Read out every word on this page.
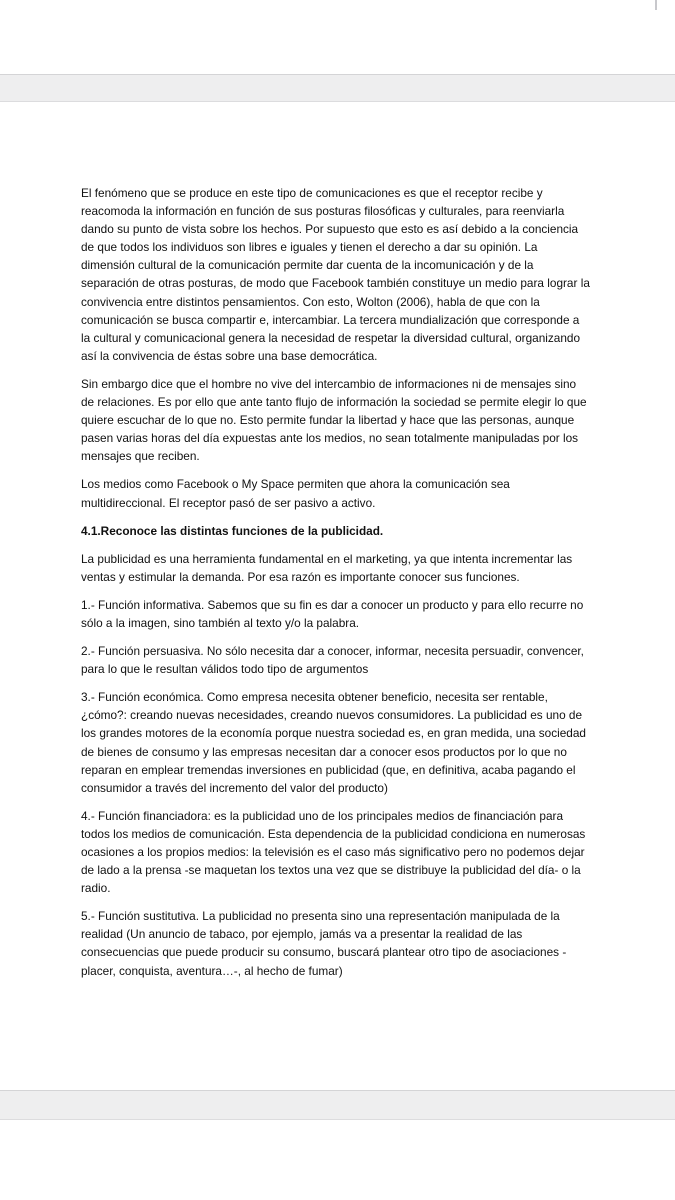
El fenómeno que se produce en este tipo de comunicaciones es que el receptor recibe y reacomoda la información en función de sus posturas filosóficas y culturales, para reenviarla dando su punto de vista sobre los hechos. Por supuesto que esto es así debido a la conciencia de que todos los individuos son libres e iguales y tienen el derecho a dar su opinión. La dimensión cultural de la comunicación permite dar cuenta de la incomunicación y de la separación de otras posturas, de modo que Facebook también constituye un medio para lograr la convivencia entre distintos pensamientos. Con esto, Wolton (2006), habla de que con la comunicación se busca compartir e, intercambiar. La tercera mundialización que corresponde a la cultural y comunicacional genera la necesidad de respetar la diversidad cultural, organizando así la convivencia de éstas sobre una base democrática.

Sin embargo dice que el hombre no vive del intercambio de informaciones ni de mensajes sino de relaciones. Es por ello que ante tanto flujo de información la sociedad se permite elegir lo que quiere escuchar de lo que no. Esto permite fundar la libertad y hace que las personas, aunque pasen varias horas del día expuestas ante los medios, no sean totalmente manipuladas por los mensajes que reciben.

Los medios como Facebook o My Space permiten que ahora la comunicación sea multidireccional. El receptor pasó de ser pasivo a activo.

4.1.Reconoce las distintas funciones de la publicidad.

La publicidad es una herramienta fundamental en el marketing, ya que intenta incrementar las ventas y estimular la demanda. Por esa razón es importante conocer sus funciones.

1.- Función informativa. Sabemos que su fin es dar a conocer un producto y para ello recurre no sólo a la imagen, sino también al texto y/o la palabra.

2.- Función persuasiva. No sólo necesita dar a conocer, informar, necesita persuadir, convencer, para lo que le resultan válidos todo tipo de argumentos

3.- Función económica. Como empresa necesita obtener beneficio, necesita ser rentable, ¿cómo?: creando nuevas necesidades, creando nuevos consumidores. La publicidad es uno de los grandes motores de la economía porque nuestra sociedad es, en gran medida, una sociedad de bienes de consumo y las empresas necesitan dar a conocer esos productos por lo que no reparan en emplear tremendas inversiones en publicidad (que, en definitiva, acaba pagando el consumidor a través del incremento del valor del producto)

4.- Función financiadora: es la publicidad uno de los principales medios de financiación para todos los medios de comunicación. Esta dependencia de la publicidad condiciona en numerosas ocasiones a los propios medios: la televisión es el caso más significativo pero no podemos dejar de lado a la prensa -se maquetan los textos una vez que se distribuye la publicidad del día- o la radio.

5.- Función sustitutiva. La publicidad no presenta sino una representación manipulada de la realidad (Un anuncio de tabaco, por ejemplo, jamás va a presentar la realidad de las consecuencias que puede producir su consumo, buscará plantear otro tipo de asociaciones -placer, conquista, aventura…-, al hecho de fumar)
